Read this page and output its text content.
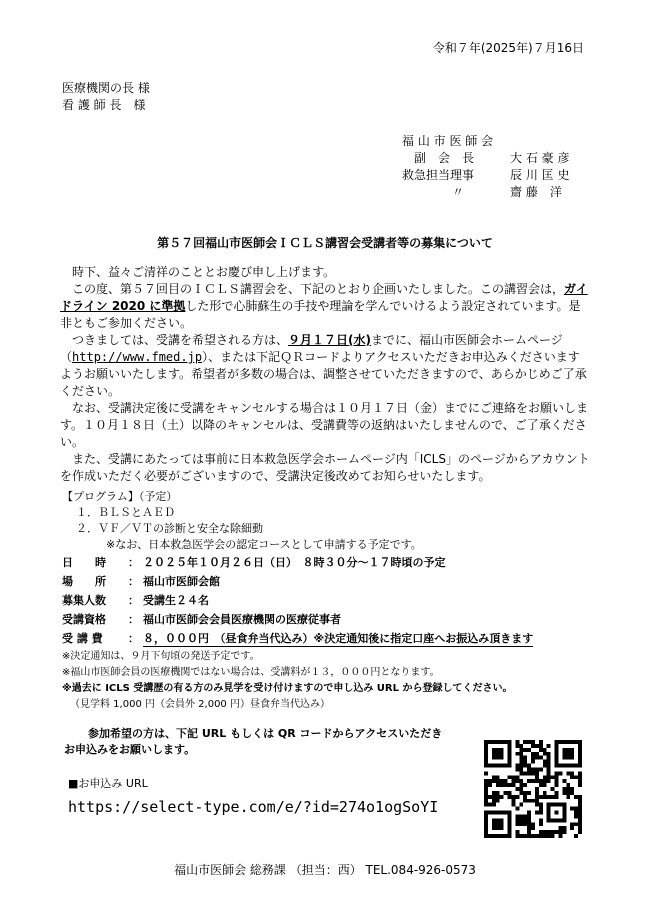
令和７年(2025年)７月16日
医療機関の長 様
看 護 師 長　様
福 山 市 医 師 会
副　会　長	大 石 豪 彦
救急担当理事	辰 川 匡 史
〃	齋 藤　洋
第５７回福山市医師会ＩＣＬＳ講習会受講者等の募集について

時下、益々ご清祥のこととお慶び申し上げます。

この度、第５７回目のＩＣＬＳ講習会を、下記のとおり企画いたしました。この講習会は，ガイドライン 2020 に準拠した形で心肺蘇生の手技や理論を学んでいけるよう設定されています。是非ともご参加ください。

つきましては、受講を希望される方は、９月１７日(水)までに、福山市医師会ホームページ（http://www.fmed.jp）、または下記ＱＲコードよりアクセスいただきお申込みくださいますようお願いいたします。希望者が多数の場合は、調整させていただきますので、あらかじめご了承ください。

なお、受講決定後に受講をキャンセルする場合は１０月１７日（金）までにご連絡をお願いします。１０月１８日（土）以降のキャンセルは、受講費等の返納はいたしませんので、ご了承ください。

また、受講にあたっては事前に日本救急医学会ホームページ内「ICLS」のページからアカウントを作成いただく必要がございますので、受講決定後改めてお知らせいたします。

【プログラム】（予定）
１．ＢＬＳとＡＥＤ
２．ＶＦ／ＶＴの診断と安全な除細動
※なお、日本救急医学会の認定コースとして申請する予定です。
日　　時 ： ２０２５年１０月２６日（日）　８時３０分～１７時頃の予定
場　　所 ： 福山市医師会館
募集人数 ： 受講生２４名
受講資格 ： 福山市医師会会員医療機関の医療従事者
受 講 費 ： ８，０００円　（昼食弁当代込み）※決定通知後に指定口座へお振込み頂きます
※決定通知は、９月下旬頃の発送予定です。
※福山市医師会員の医療機関ではない場合は、受講料が１３，０００円となります。
※過去に ICLS 受講歴の有る方のみ見学を受け付けますので申し込み URL から登録してください。
（見学料 1,000 円（会員外 2,000 円）昼食弁当代込み）
参加希望の方は、下記 URL もしくは QR コードからアクセスいただき
お申込みをお願いします。
■お申込み URL
https://select-type.com/e/?id=274o1ogSoYI
福山市医師会 総務課 （担当：西） TEL.084-926-0573
